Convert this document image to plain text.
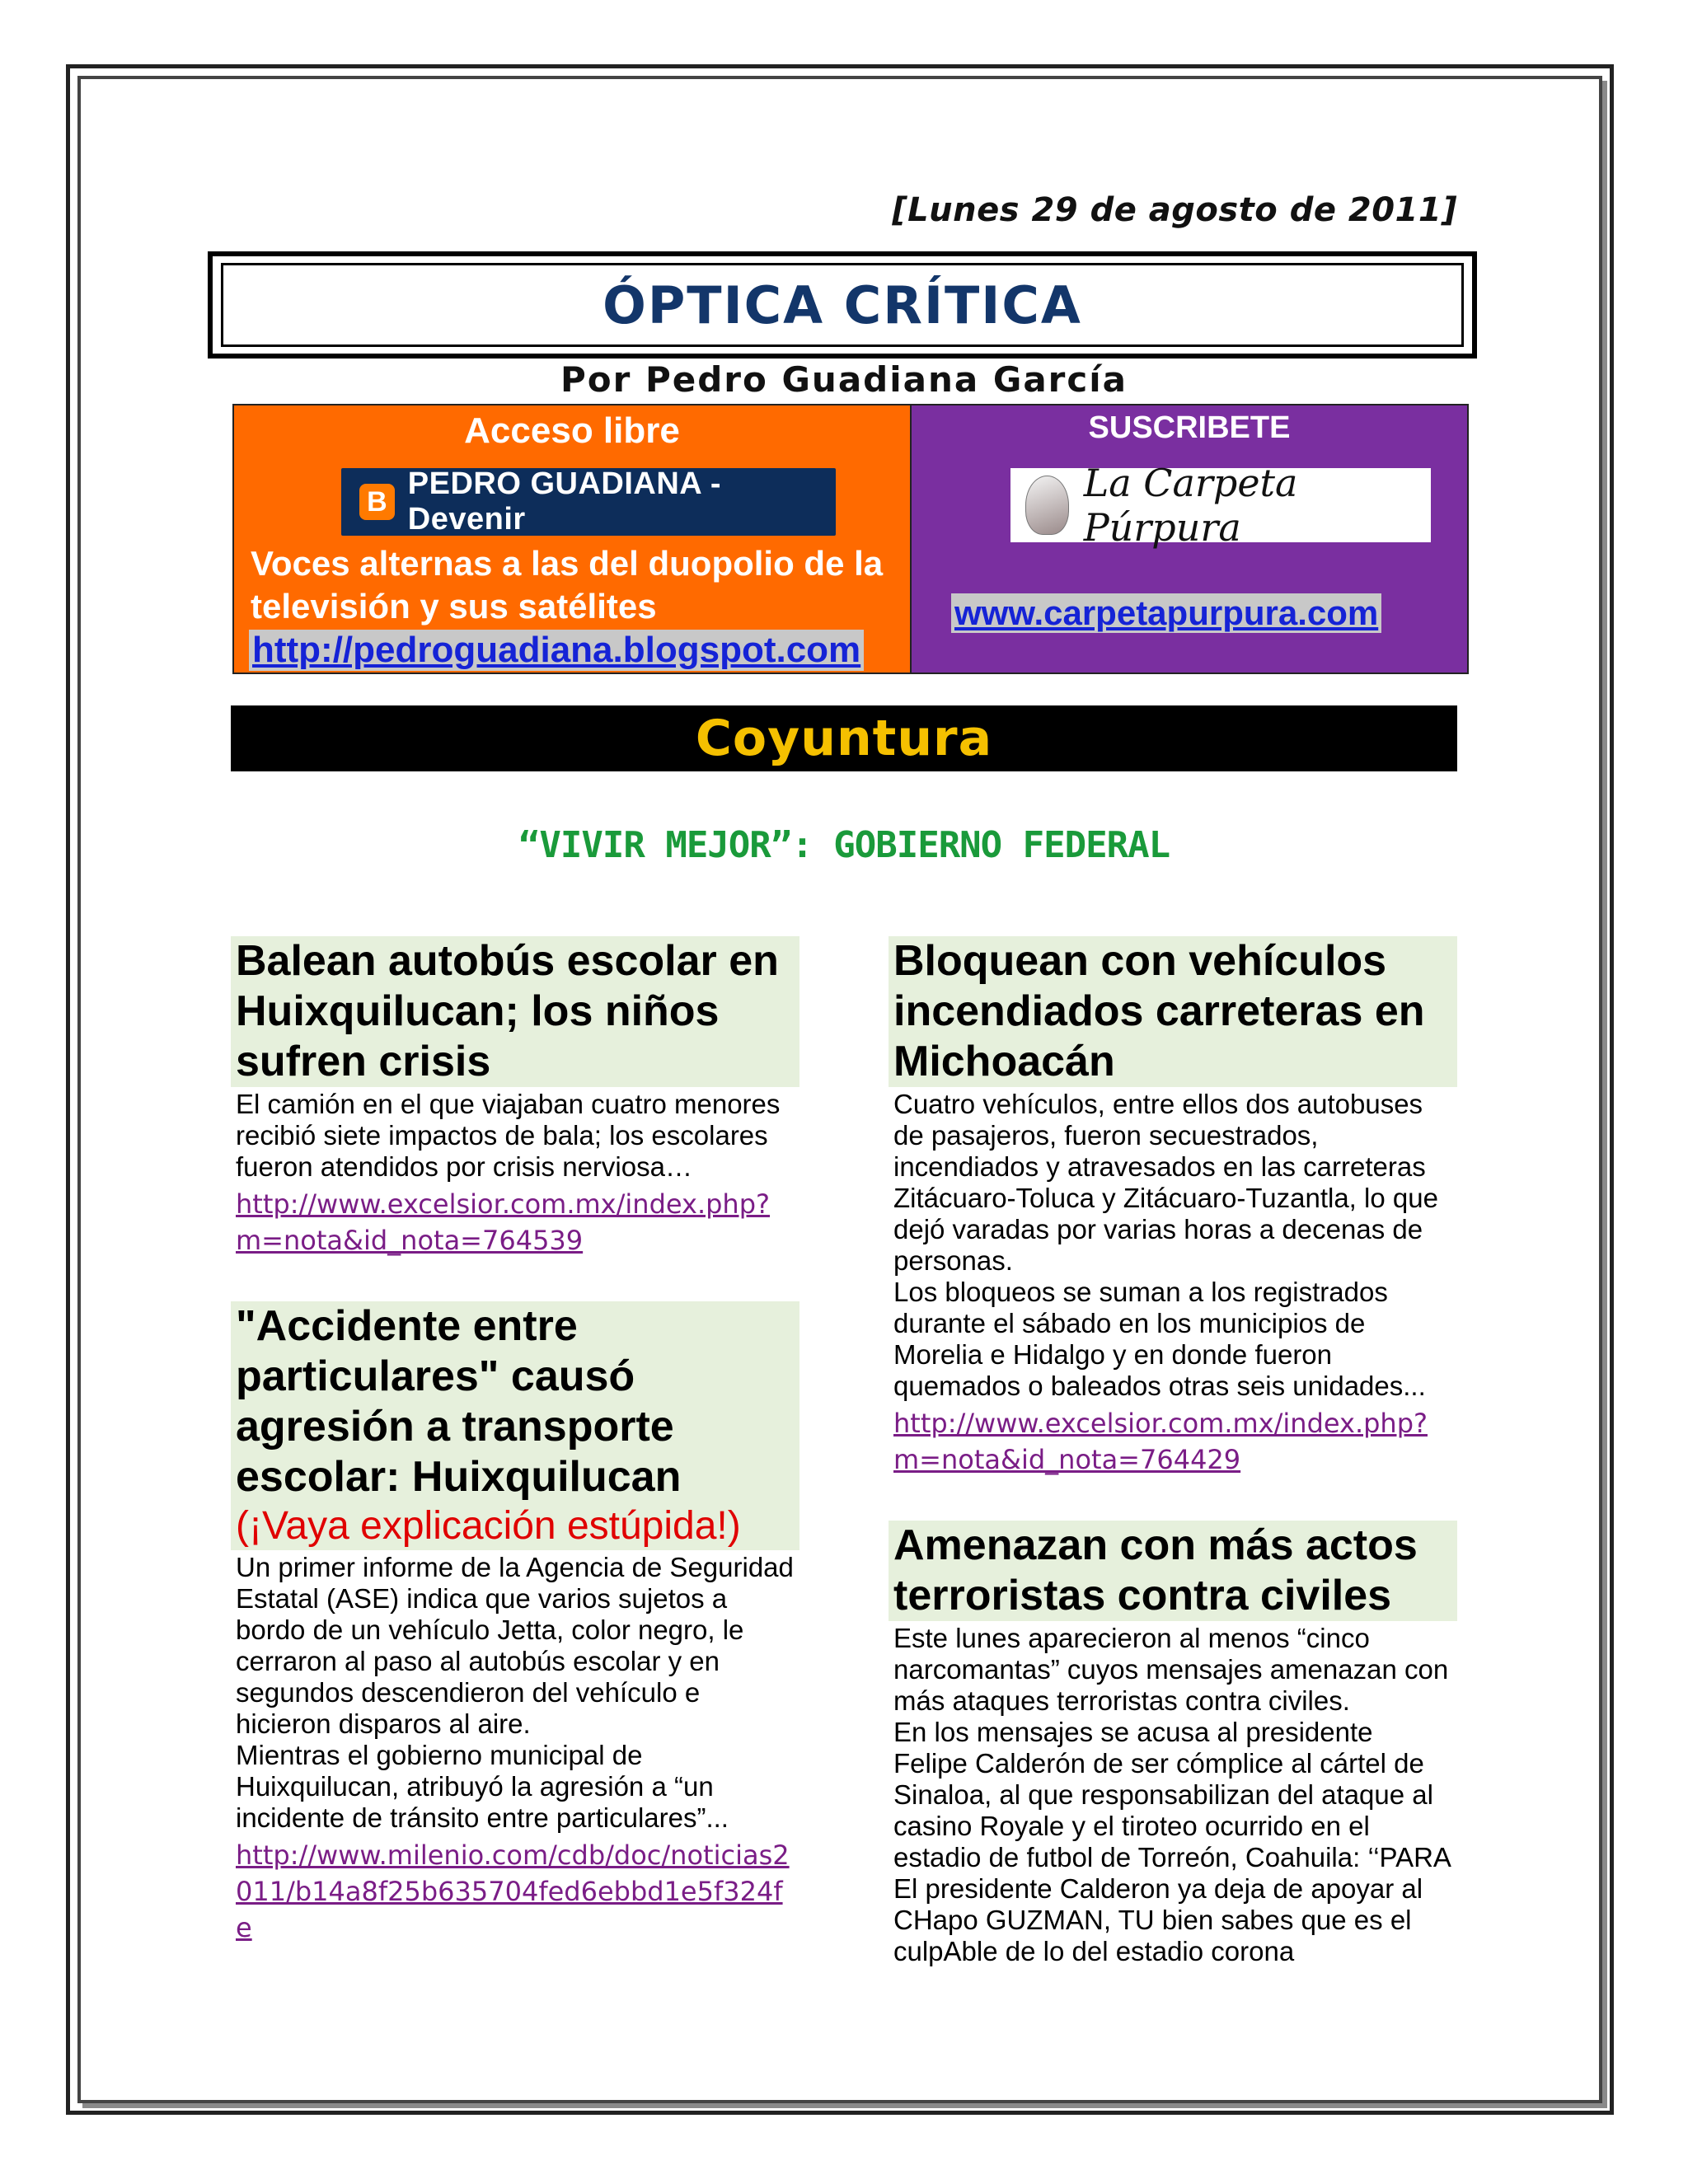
[Lunes 29 de agosto de 2011]
ÓPTICA CRÍTICA
Por Pedro Guadiana García
Acceso libre
B
PEDRO GUADIANA - Devenir
Voces alternas a las del duopolio de la televisión y sus satélites
http://pedroguadiana.blogspot.com
SUSCRIBETE
La Carpeta Púrpura
www.carpetapurpura.com
Coyuntura
“VIVIR MEJOR”: GOBIERNO FEDERAL
Balean autobús escolar en Huixquilucan; los niños sufren crisis

El camión en el que viajaban cuatro menores recibió siete impactos de bala; los escolares fueron atendidos por crisis nerviosa…

http://www.excelsior.com.mx/index.php?m=nota&id_nota=764539
"Accidente entre particulares" causó agresión a transporte escolar: Huixquilucan
(¡Vaya explicación estúpida!)

Un primer informe de la Agencia de Seguridad Estatal (ASE) indica que varios sujetos a bordo de un vehículo Jetta, color negro, le cerraron al paso al autobús escolar y en segundos descendieron del vehículo e hicieron disparos al aire.

Mientras el gobierno municipal de Huixquilucan, atribuyó la agresión a “un incidente de tránsito entre particulares”...

http://www.milenio.com/cdb/doc/noticias2011/b14a8f25b635704fed6ebbd1e5f324fe
Bloquean con vehículos incendiados carreteras en Michoacán

Cuatro vehículos, entre ellos dos autobuses de pasajeros, fueron secuestrados, incendiados y atravesados en las carreteras Zitácuaro-Toluca y Zitácuaro-Tuzantla, lo que dejó varadas por varias horas a decenas de personas.

Los bloqueos se suman a los registrados durante el sábado en los municipios de Morelia e Hidalgo y en donde fueron quemados o baleados otras seis unidades...

http://www.excelsior.com.mx/index.php?m=nota&id_nota=764429
Amenazan con más actos terroristas contra civiles

Este lunes aparecieron al menos “cinco narcomantas” cuyos mensajes amenazan con más ataques terroristas contra civiles.

En los mensajes se acusa al presidente Felipe Calderón de ser cómplice al cártel de Sinaloa, al que responsabilizan del ataque al casino Royale y el tiroteo ocurrido en el estadio de futbol de Torreón, Coahuila: ‘‘PARA El presidente Calderon ya deja de apoyar al CHapo GUZMAN, TU bien sabes que es el culpAble de lo del estadio corona
